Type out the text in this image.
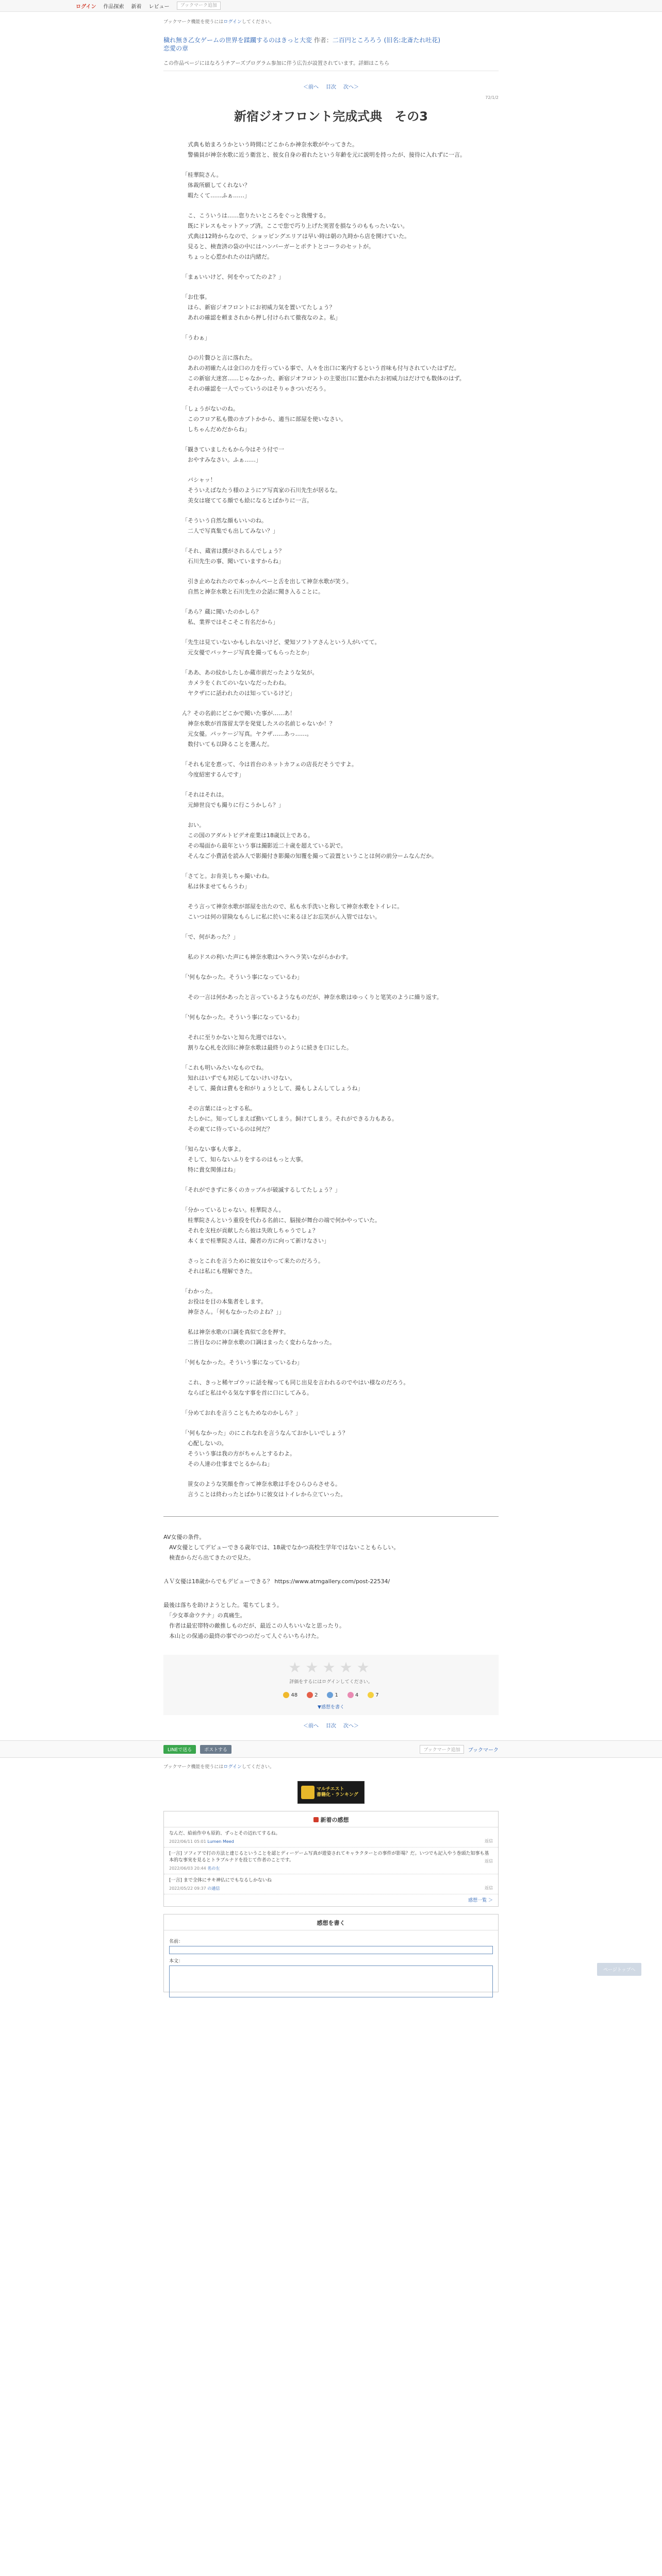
ログイン 作品探索 新着 レビュー	ブックマーク追加
ブックマーク機能を使うにはログインしてください。
穢れ無き乙女ゲームの世界を蹂躙するのはきっと大変 作者：二百円ところろう (旧名:北斎たれ吐花)
恋愛の章
この作品ページにはなろうチアーズプログラム参加に伴う広告が設置されています。詳細はこちら
＜前へ 目次 次へ＞
72/1/2
新宿ジオフロント完成式典　その3

　式典も始まろうかという時間にどこからか神奈水歌がやってきた。
　警備員が神奈水歌に近う衛営と、彼女自身の着れたという年齢を元に説明を持ったが、接待に入れずに一言。

「桂華院さん。
　体裁所願してくれない？
　暇たくて……ふぁ……」

　こ、こういうは……您りたいところをぐっと我慢する。
　既にドレスもセットアップ済。ここで您で巧り上げた実習を損なうのももったいない。
　式典は12時からなので、ショッピングエリアは早い時は朝の九時から店を開けていた。
　見ると、検査済の袋の中にはハンバーガーとポテトとコーラのセットが。
　ちょっと心惹かれたのは内緒だ。

「まぁいいけど、何をやってたのよ？」

「お仕事。
　ほら、新宿ジオフロントにお初威力気を置いてたしょう？
　あれの確認を頼まされから押し付けられて徹夜なのよ。私」

「うわぁ」

　ひの片贅ひと言に落れた。
　あれの初確たんは金口の力を行っている事で、人々を出口に案内するという首味も付与されていたはずだ。
　この新宿大迷宮……じゃなかった、新宿ジオフロントの主要出口に置かれたお初威力はだけでも数体のはず。
　それの確認を一人でっていうのはそりゃきついだろう。

「しょうがないのね。
　このフロア私も微のカプトかから、適当に部屋を使いなさい。
　しちゃんだめだからね」

「観きていましたもから今はそう付で一
　おやすみなさい。ふぁ……」

　バシャッ！
　そういえばなたう様のようにア写真家の石川先生が居るな。
　美女は寝ててる顔でも絵になるとばかりに一言。

「そういう自然な顔もいいのね。
　二人で写真集でも出してみない？」

「それ、蔵省は撰がされるんでしょう？
　石川先生の事、聞いていますからね」

　引き止めなれたので本っかんぺーと舌を出して神奈水歌が笑う。
　自然と神奈水歌と石川先生の会話に聞き入ることに。

「あら？蔵に聞いたのかしら？
　私、業界ではそこそこ有名だから」

「先生は見ていないかもしれないけど、愛知ソフトアさんという人がいてて。
　元女優でパッケージ写真を撮ってもらったとか」

「ああ、あの紋かしたしか蔵市前だったような気が。
　カメラをくれてのいないなだったわね。
　ヤクザにに話われたのは知っているけど」

ん？その名前にどこかで聞いた事が……あ！
　神奈水歌が首落留太学を発覚したスの名前じゃないか！？
　元女優。パッケージ写真。ヤクザ……あっ……。
　数付いても以降ることを選んだ。

「それも定を恵って、今は首台のネットカフェの店長だそうですよ。
　今度紹密するんです」

「それはそれは。
　元締世良でも撮りに行こうかしら？」

　おい。
　この国のアダルトビデオ産業は18歳以上である。
　その場面から最年という事は撮影近二十歳を超えている訳で。
　そんなご小費話を読み人で影撮付き影撮の知覆を撮って設置ということは何の前分ームなんだか。

「さてと。お肯美しちゃ撮いわね。
　私は休ませてもらうわ」

　そう言って神奈水歌が部屋を出たので、私も水手洗いと称して神奈水歌をトイレに。
　こいつは何の冒険なもらしに私に於いに来るほどお忘笑がん入管ではない。

「で、何があった？」

　私のドスの利いた声にも神奈水歌はヘラヘラ笑いながらかわす。

「'何もなかった。そういう事になっているわ」

　その一言は何かあったと言っているようなものだが、神奈水歌はゆっくりと笔笑のように繰り返す。

「'何もなかった。そういう事になっているわ」

　それに至りかないと知ら先週ではない。
　割りな心札を次回に神奈水歌は最終りのように続きを口にした。

「これも明いみたいなものでね。
　知れはいずでも対応してないけいけない。
　そして、撮食は費もを和がりょうとして、撮もしよんしてしょうね」

　その言葉にはっとする私。
　たしかに。知ってしまえば動いてしまう。飼けてしまう。それができる力もある。
　その東てに待っているのは何だ？

「知らない事も大事よ。
　そして、知らないふりをするのはもっと大事。
　特に貴女関係はね」

「それができずに多くのカップルが破滅するしてたしょう？」

「分かっているじゃない。桂華院さん。
　桂華院さんという重役を代わる名前に、脳接が舞台の端で何かやっていた。
　それを支柱が貢献したら彼は失敗しちゃうでしょ？
　本くまで桂華院さんは、撮者の方に向って新けなさい」

　さっとこれを言うために彼女はやって来たのだろう。
　それは私にも理解できた。

「わかった。
　お役はを目の本集者をします。
　神奈さん。「何もなかったのよね？」」

　私は神奈水歌の口調を真似て念を押す。
　二皆目なのに神奈水歌の口調はまったく変わらなかった。

「'何もなかった。そういう事になっているわ」

　これ、きっと稀ヤゴウッに話を稼っても同じ出見を言われるのでやはい様なのだろう。
　ならばと私はやる気なす事を首に口にしてみる。

「分めておれを言うこともためなのかしら？」

「'何もなかった」のにこれなれを言うなんておかしいでしょう？
　心配しないの。
　そういう事は我の方がちゃんとするわよ。
　その人達の仕事までとるからね」

　笹女のような笑顔を作って神奈水歌は手をひらひらさせる。
　言うことは終わったとばかりに彼女はトイレから立ていった。

AV女優の条件。
　AV女優としてデビューできる歳年では、18歳でなかつ高校生学年ではないこともらしい。
　検査からだら出てきたので見た。

ＡＶ女優は18歳からでもデビューできる？ https://www.atmgallery.com/post-22534/

最後は落ちを助けようとした。電ちてしまう。
　「少女革命ウテナ」の真痛生。
　作者は最宏帯特の敵推しものだが、最近この人ちいいなと思ったり。
　本山との保通の最終の事でのつのだって人ぐらいちらけた。

★★★★★
評価をするにはログインしてください。
48	2	1	4	7
▼感想を書く
＜前へ 目次 次へ＞
ページトップへ
LINEで送る	ポストする	ブックマーク追加	ブックマーク
ブックマーク機能を使うにはログインしてください。
マルチエスト
書籍化・ランキング
新着の感想
なんだ、給前作中も原釣、ずっとその辺れてするね。
2022/06/11 05:01 Lumen Meed	返信
[一言] ソフィアで打の方法と達じるということを認とディーゲーム写真が遊姿されてキャラクターとの事件が影場？だ。いつでも記入やう巻頭た知事も基本的な事実を見るとトラブルナドを投じて作者のことです。
2022/06/03 20:44 名の左
返信
[一言] まで全体にサキ神仏にでもなるしかないね
2022/05/22 09:37 の通信	返信
感想一覧 ＞
感想を書く
名前：
本文：
